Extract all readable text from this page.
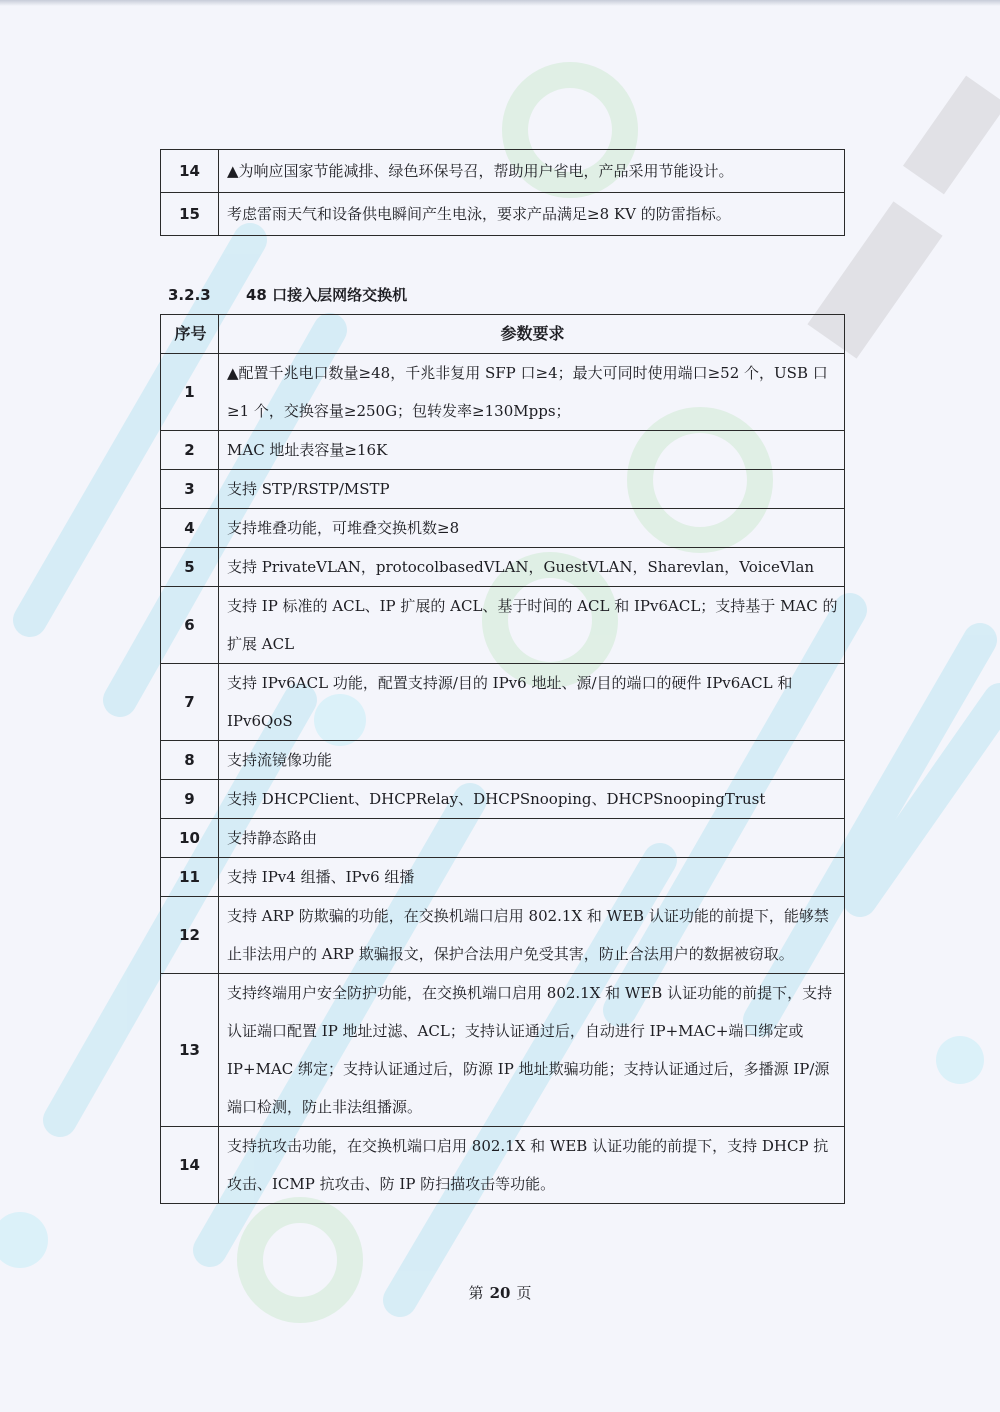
14	▲为响应国家节能减排、绿色环保号召，帮助用户省电，产品采用节能设计。
15	考虑雷雨天气和设备供电瞬间产生电泳，要求产品满足≥8 KV 的防雷指标。
3.2.3 48 口接入层网络交换机
序号	参数要求
1	▲配置千兆电口数量≥48，千兆非复用 SFP 口≥4；最大可同时使用端口≥52 个，USB 口≥1 个，交换容量≥250G；包转发率≥130Mpps；
2	MAC 地址表容量≥16K
3	支持 STP/RSTP/MSTP
4	支持堆叠功能，可堆叠交换机数≥8
5	支持 PrivateVLAN，protocolbasedVLAN，GuestVLAN，Sharevlan，VoiceVlan
6	支持 IP 标准的 ACL、IP 扩展的 ACL、基于时间的 ACL 和 IPv6ACL；支持基于 MAC 的扩展 ACL
7	支持 IPv6ACL 功能，配置支持源/目的 IPv6 地址、源/目的端口的硬件 IPv6ACL 和 IPv6QoS
8	支持流镜像功能
9	支持 DHCPClient、DHCPRelay、DHCPSnooping、DHCPSnoopingTrust
10	支持静态路由
11	支持 IPv4 组播、IPv6 组播
12	支持 ARP 防欺骗的功能，在交换机端口启用 802.1X 和 WEB 认证功能的前提下，能够禁止非法用户的 ARP 欺骗报文，保护合法用户免受其害，防止合法用户的数据被窃取。
13	支持终端用户安全防护功能，在交换机端口启用 802.1X 和 WEB 认证功能的前提下，支持认证端口配置 IP 地址过滤、ACL；支持认证通过后，自动进行 IP+MAC+端口绑定或 IP+MAC 绑定；支持认证通过后，防源 IP 地址欺骗功能；支持认证通过后，多播源 IP/源端口检测，防止非法组播源。
14	支持抗攻击功能，在交换机端口启用 802.1X 和 WEB 认证功能的前提下，支持 DHCP 抗攻击、ICMP 抗攻击、防 IP 防扫描攻击等功能。
第 20 页
